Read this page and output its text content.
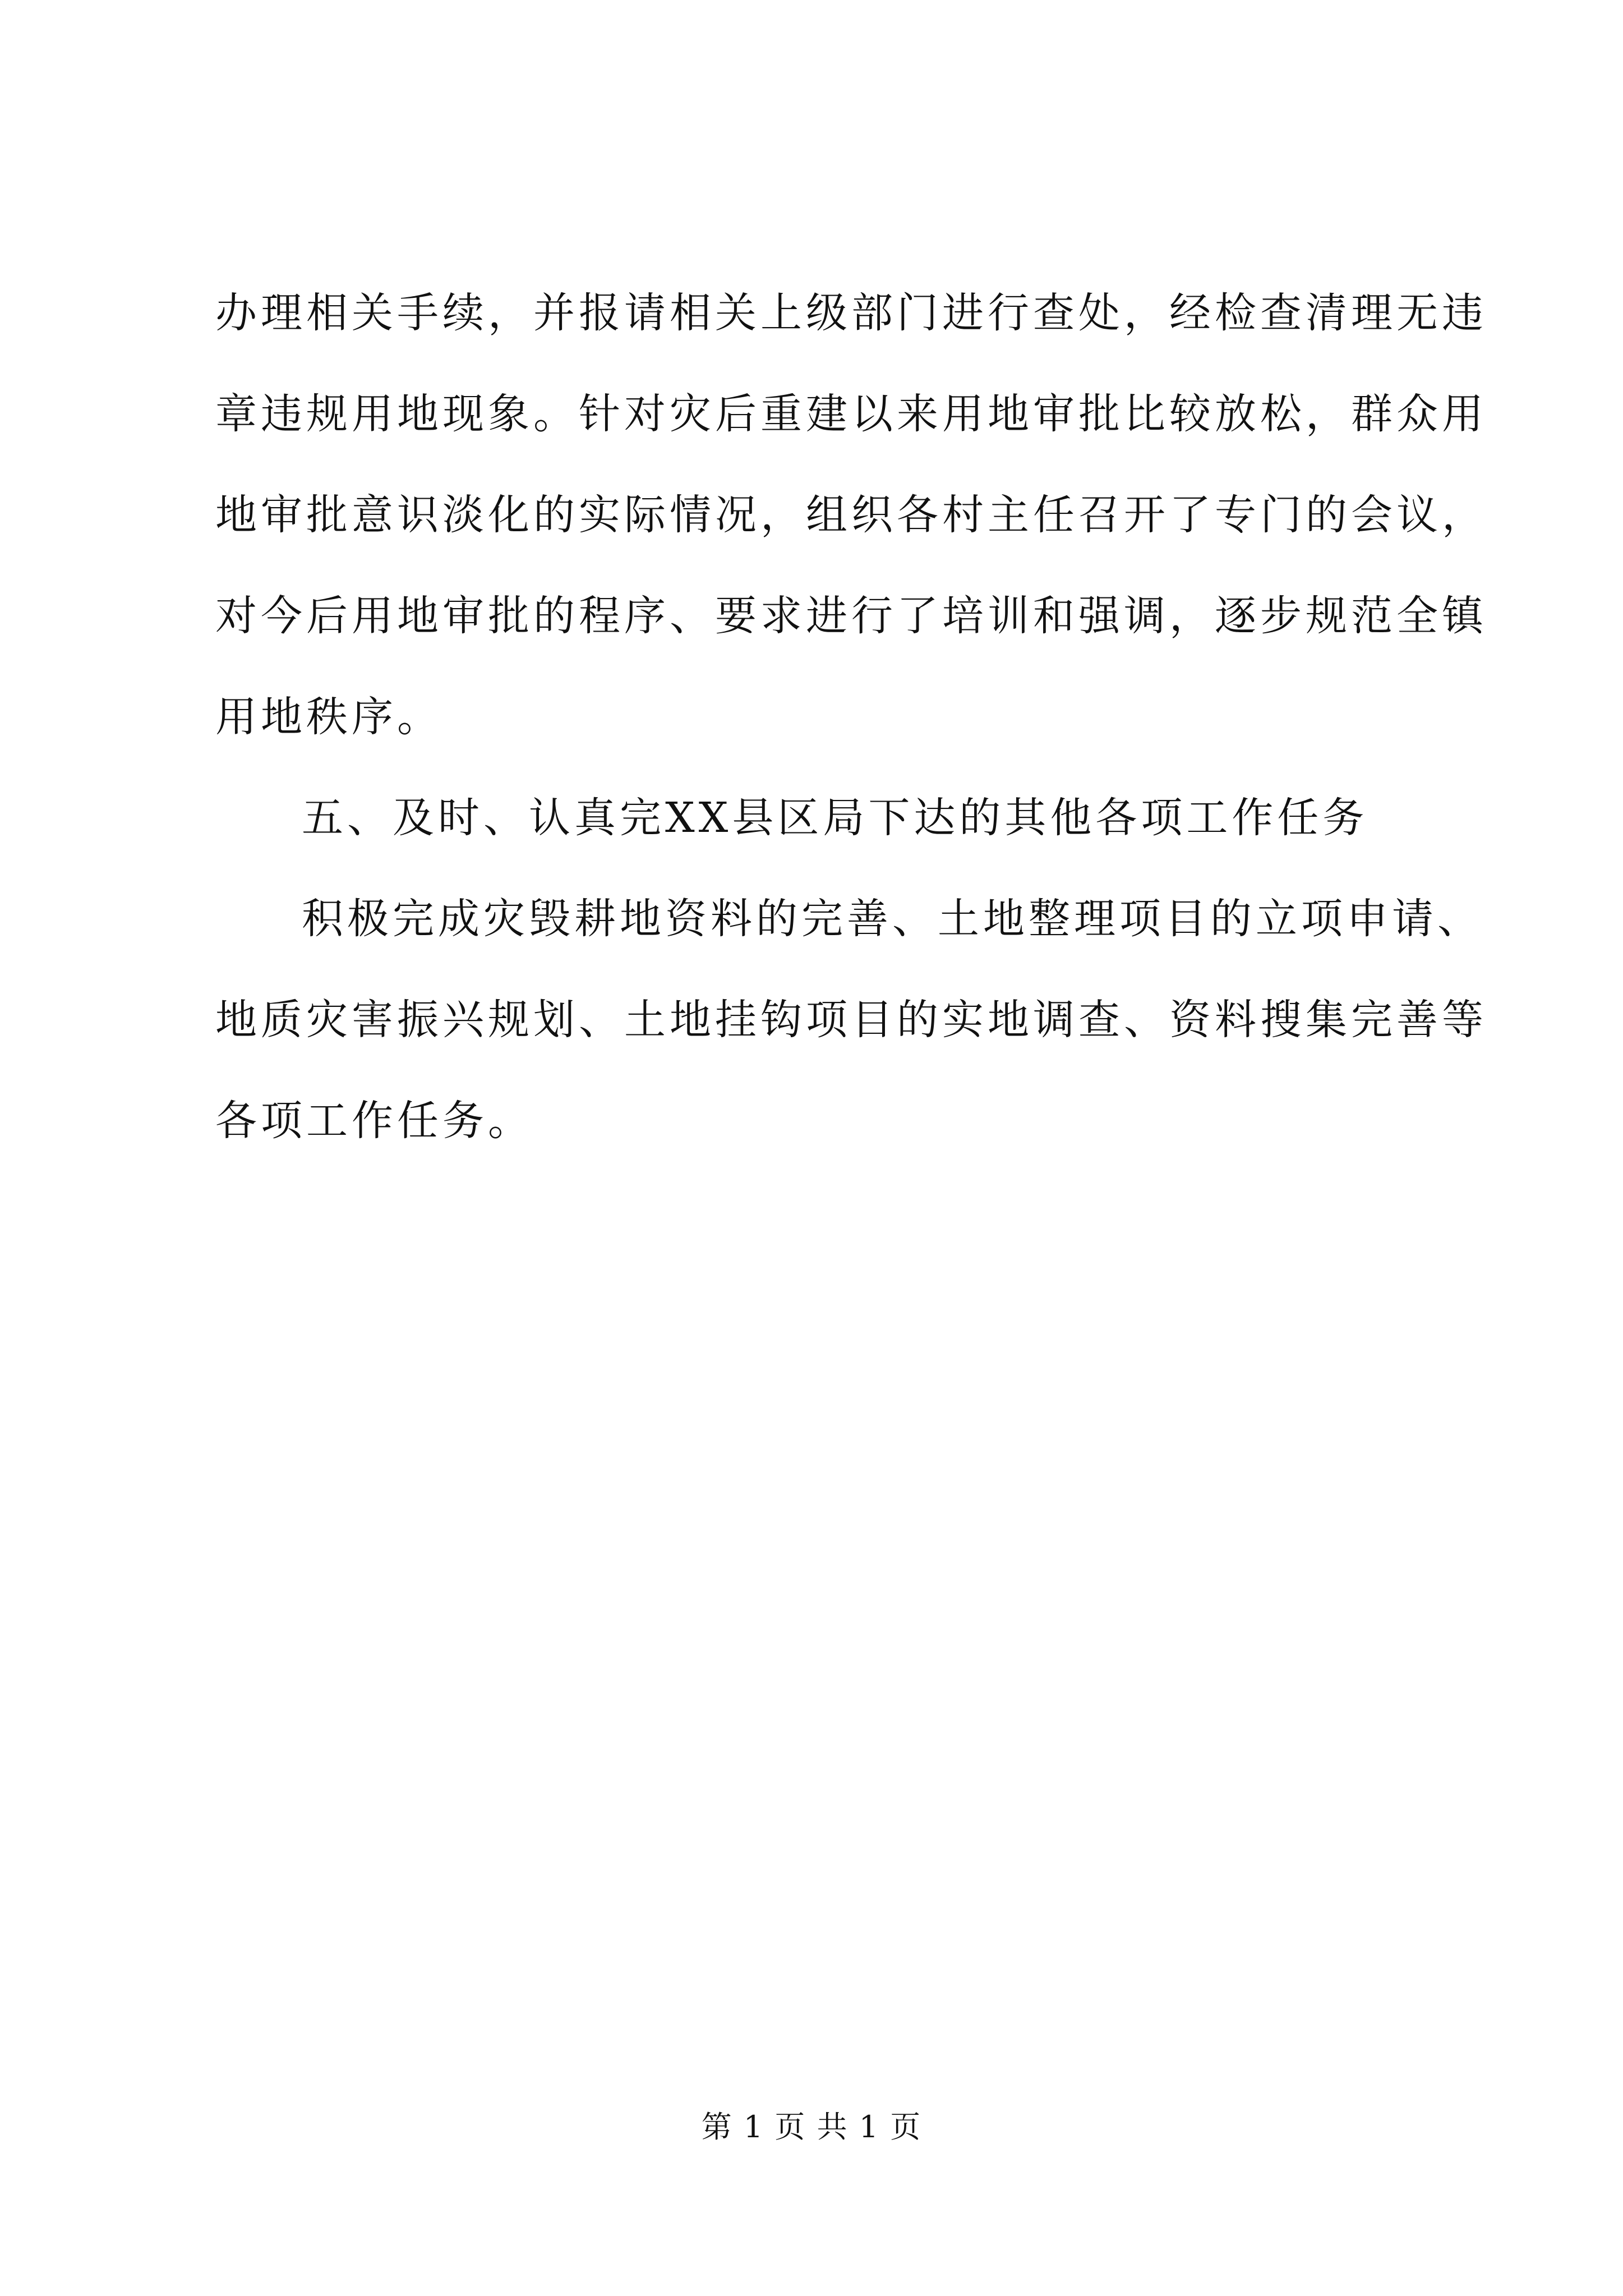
办理相关手续，并报请相关上级部门进行查处，经检查清理无违
章违规用地现象。针对灾后重建以来用地审批比较放松，群众用
地审批意识淡化的实际情况，组织各村主任召开了专门的会议，
对今后用地审批的程序、要求进行了培训和强调，逐步规范全镇
用地秩序。
五、及时、认真完XX县区局下达的其他各项工作任务
积极完成灾毁耕地资料的完善、土地整理项目的立项申请、
地质灾害振兴规划、土地挂钩项目的实地调查、资料搜集完善等
各项工作任务。
第 1 页 共 1 页
